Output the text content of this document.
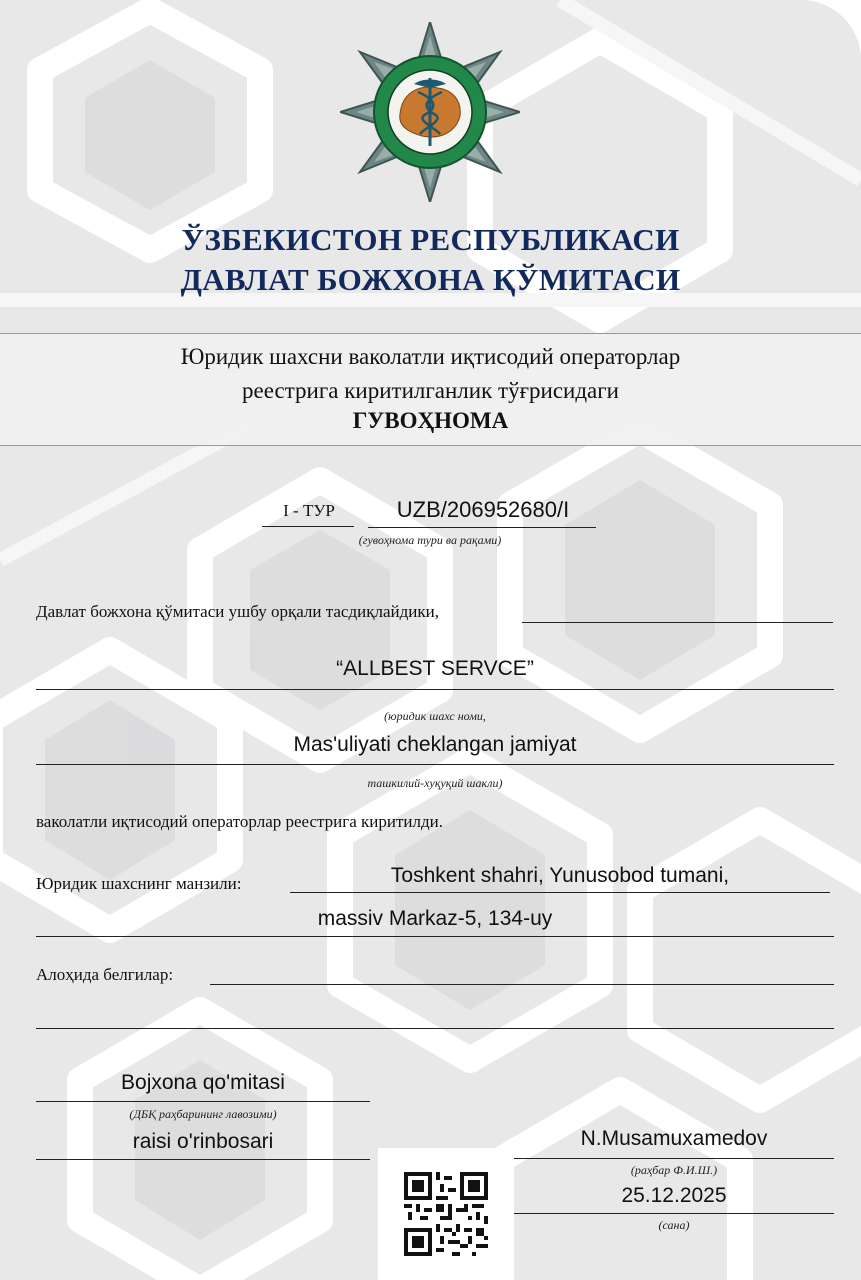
ЎЗБЕКИСТОН РЕСПУБЛИКАСИ
ДАВЛАТ БОЖХОНА ҚЎМИТАСИ
Юридик шахсни ваколатли иқтисодий операторлар
реестрига киритилганлик тўғрисидаги
ГУВОҲНОМА
I - ТУР	UZB/206952680/I
(гувоҳнома тури ва рақами)
Давлат божхона қўмитаси ушбу орқали тасдиқлайдики,
“ALLBEST SERVCE”
(юридик шахс номи,
Mas'uliyati cheklangan jamiyat
ташкилий-хуқуқий шакли)
ваколатли иқтисодий операторлар реестрига киритилди.
Юридик шахснинг манзили:	Toshkent shahri, Yunusobod tumani,
massiv Markaz-5, 134-uy
Алоҳида белгилар:
Bojxona qo'mitasi
(ДБҚ раҳбарининг лавозими)
raisi o'rinbosari	N.Musamuxamedov
(раҳбар Ф.И.Ш.)
25.12.2025
(сана)
